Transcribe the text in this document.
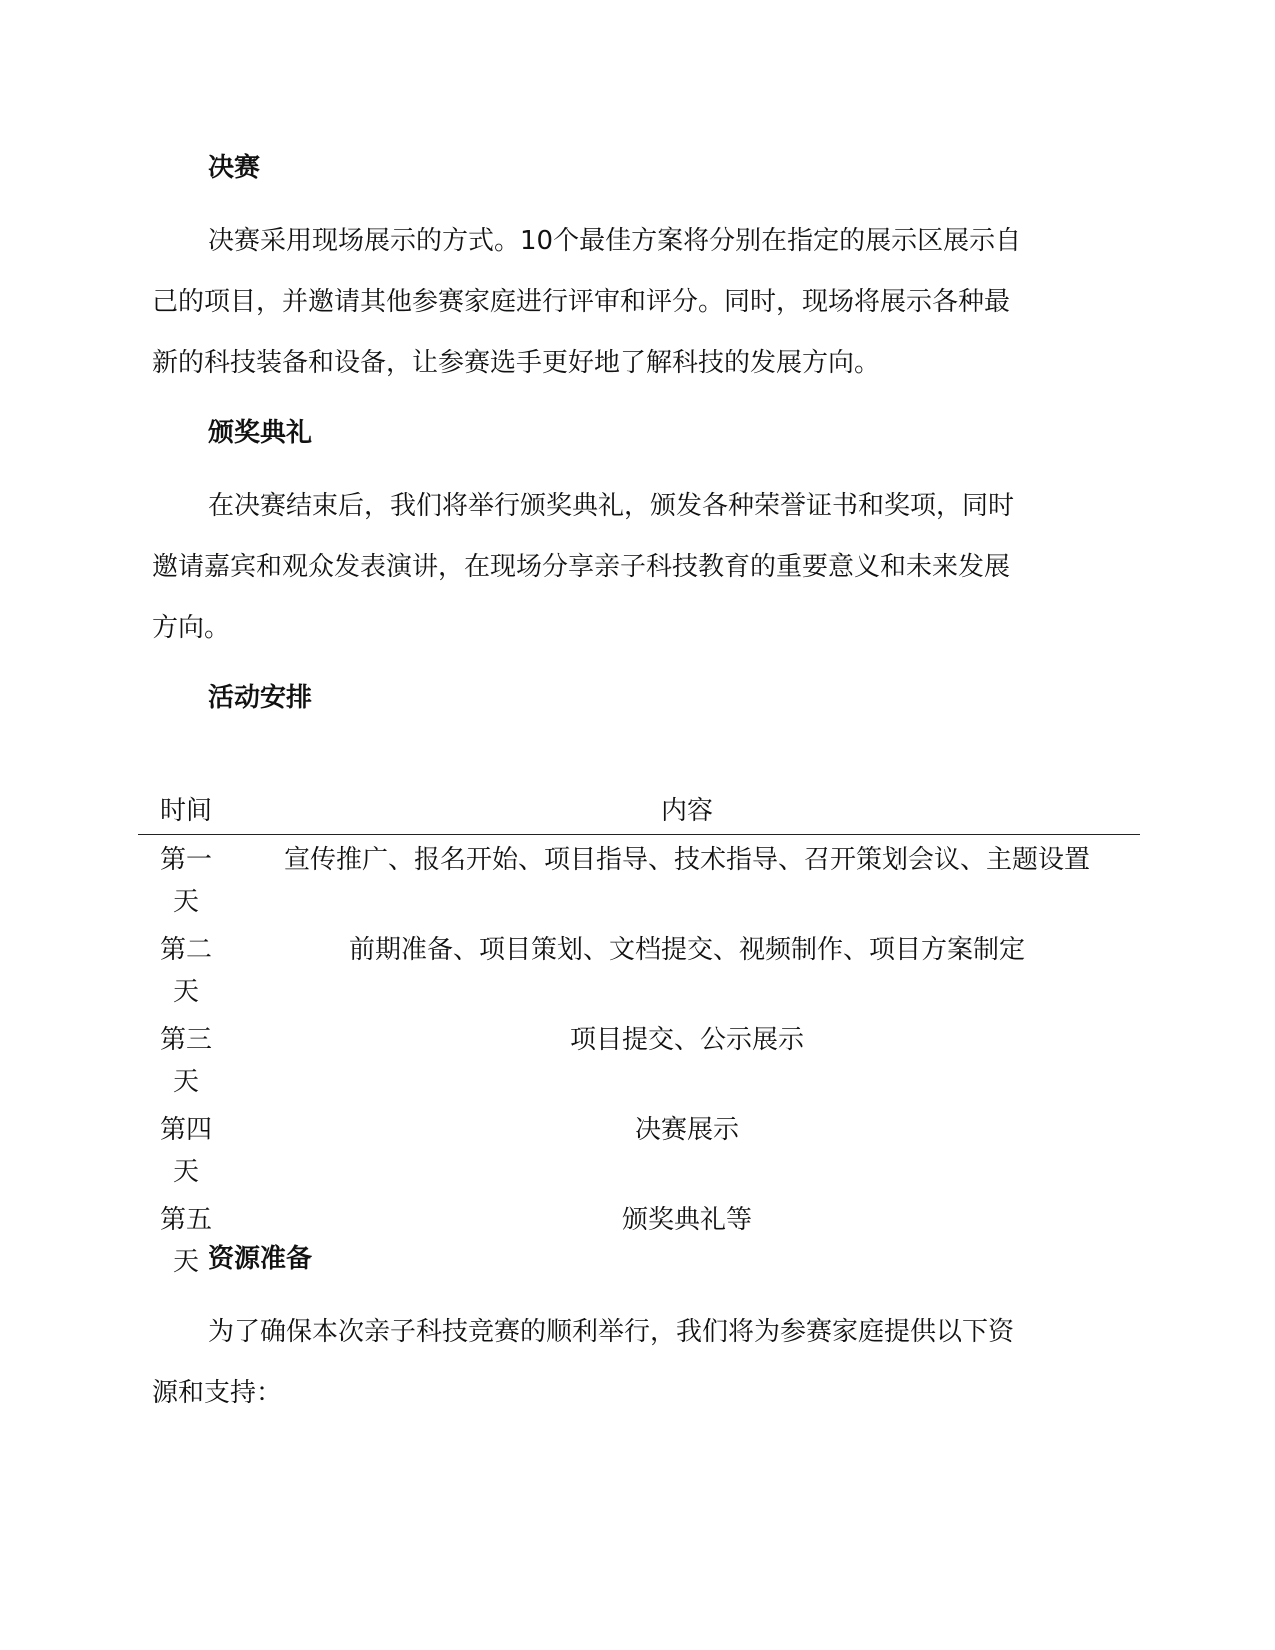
决赛

决赛采用现场展示的方式。10个最佳方案将分别在指定的展示区展示自
己的项目，并邀请其他参赛家庭进行评审和评分。同时，现场将展示各种最
新的科技装备和设备，让参赛选手更好地了解科技的发展方向。

颁奖典礼

在决赛结束后，我们将举行颁奖典礼，颁发各种荣誉证书和奖项，同时
邀请嘉宾和观众发表演讲，在现场分享亲子科技教育的重要意义和未来发展
方向。

活动安排
时间	内容

第一天	宣传推广、报名开始、项目指导、技术指导、召开策划会议、主题设置

第二天	前期准备、项目策划、文档提交、视频制作、项目方案制定

第三天	项目提交、公示展示

第四天	决赛展示

第五天	颁奖典礼等
资源准备

为了确保本次亲子科技竞赛的顺利举行，我们将为参赛家庭提供以下资
源和支持：
